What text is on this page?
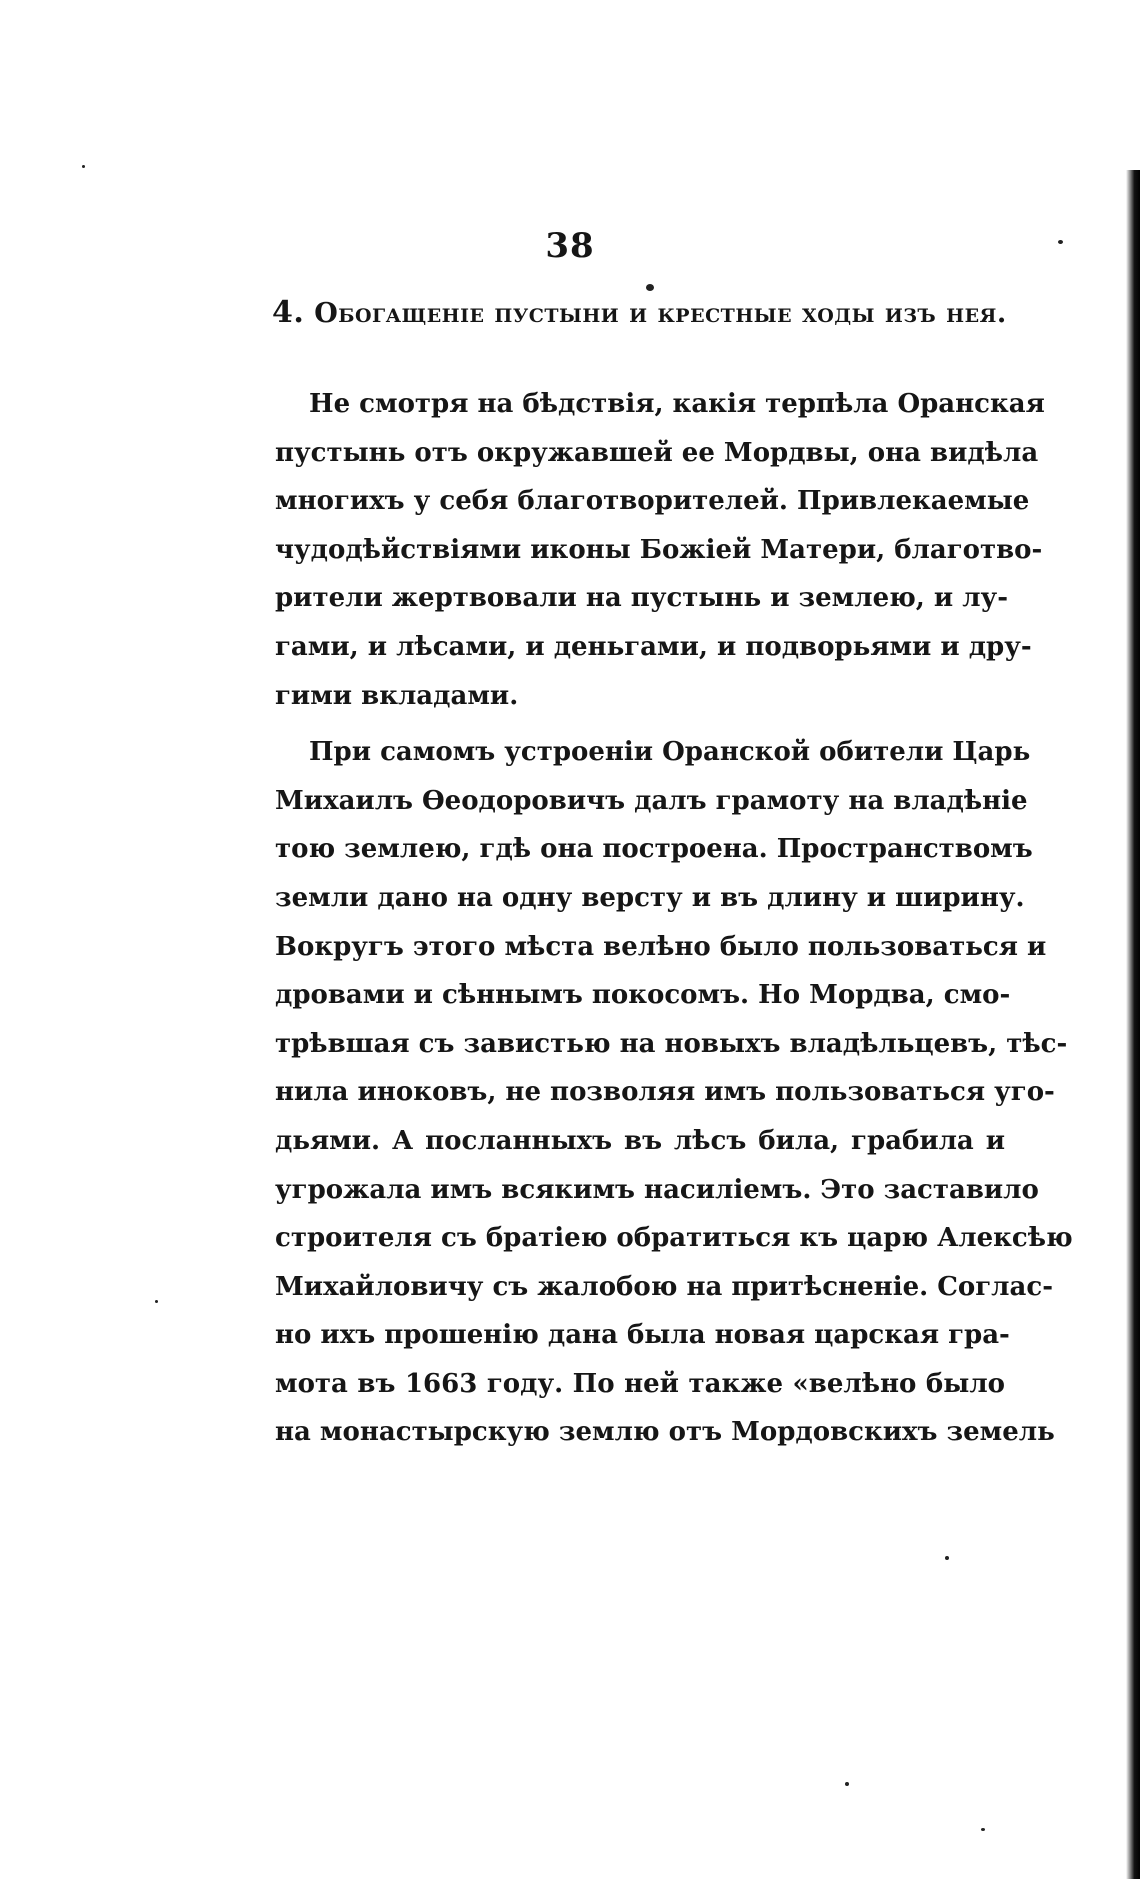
38
4. Обогащеніе пустыни и крестные ходы изъ нея.
Не смотря на бѣдствія, какія терпѣла Оранская
пустынь отъ окружавшей ее Мордвы, она видѣла
многихъ у себя благотворителей. Привлекаемые
чудодѣйствіями иконы Божіей Матери, благотво-
рители жертвовали на пустынь и землею, и лу-
гами, и лѣсами, и деньгами, и подворьями и дру-
гими вкладами.
При самомъ устроеніи Оранской обители Царь
Михаилъ Ѳеодоровичъ далъ грамоту на владѣніе
тою землею, гдѣ она построена. Пространствомъ
земли дано на одну версту и въ длину и ширину.
Вокругъ этого мѣста велѣно было пользоваться и
дровами и сѣннымъ покосомъ. Но Мордва, смо-
трѣвшая съ завистью на новыхъ владѣльцевъ, тѣс-
нила иноковъ, не позволяя имъ пользоваться уго-
дьями. А посланныхъ въ лѣсъ била, грабила и
угрожала имъ всякимъ насиліемъ. Это заставило
строителя съ братіею обратиться къ царю Алексѣю
Михайловичу съ жалобою на притѣсненіе. Соглас-
но ихъ прошенію дана была новая царская гра-
мота въ 1663 году. По ней также «велѣно было
на монастырскую землю отъ Мордовскихъ земель
